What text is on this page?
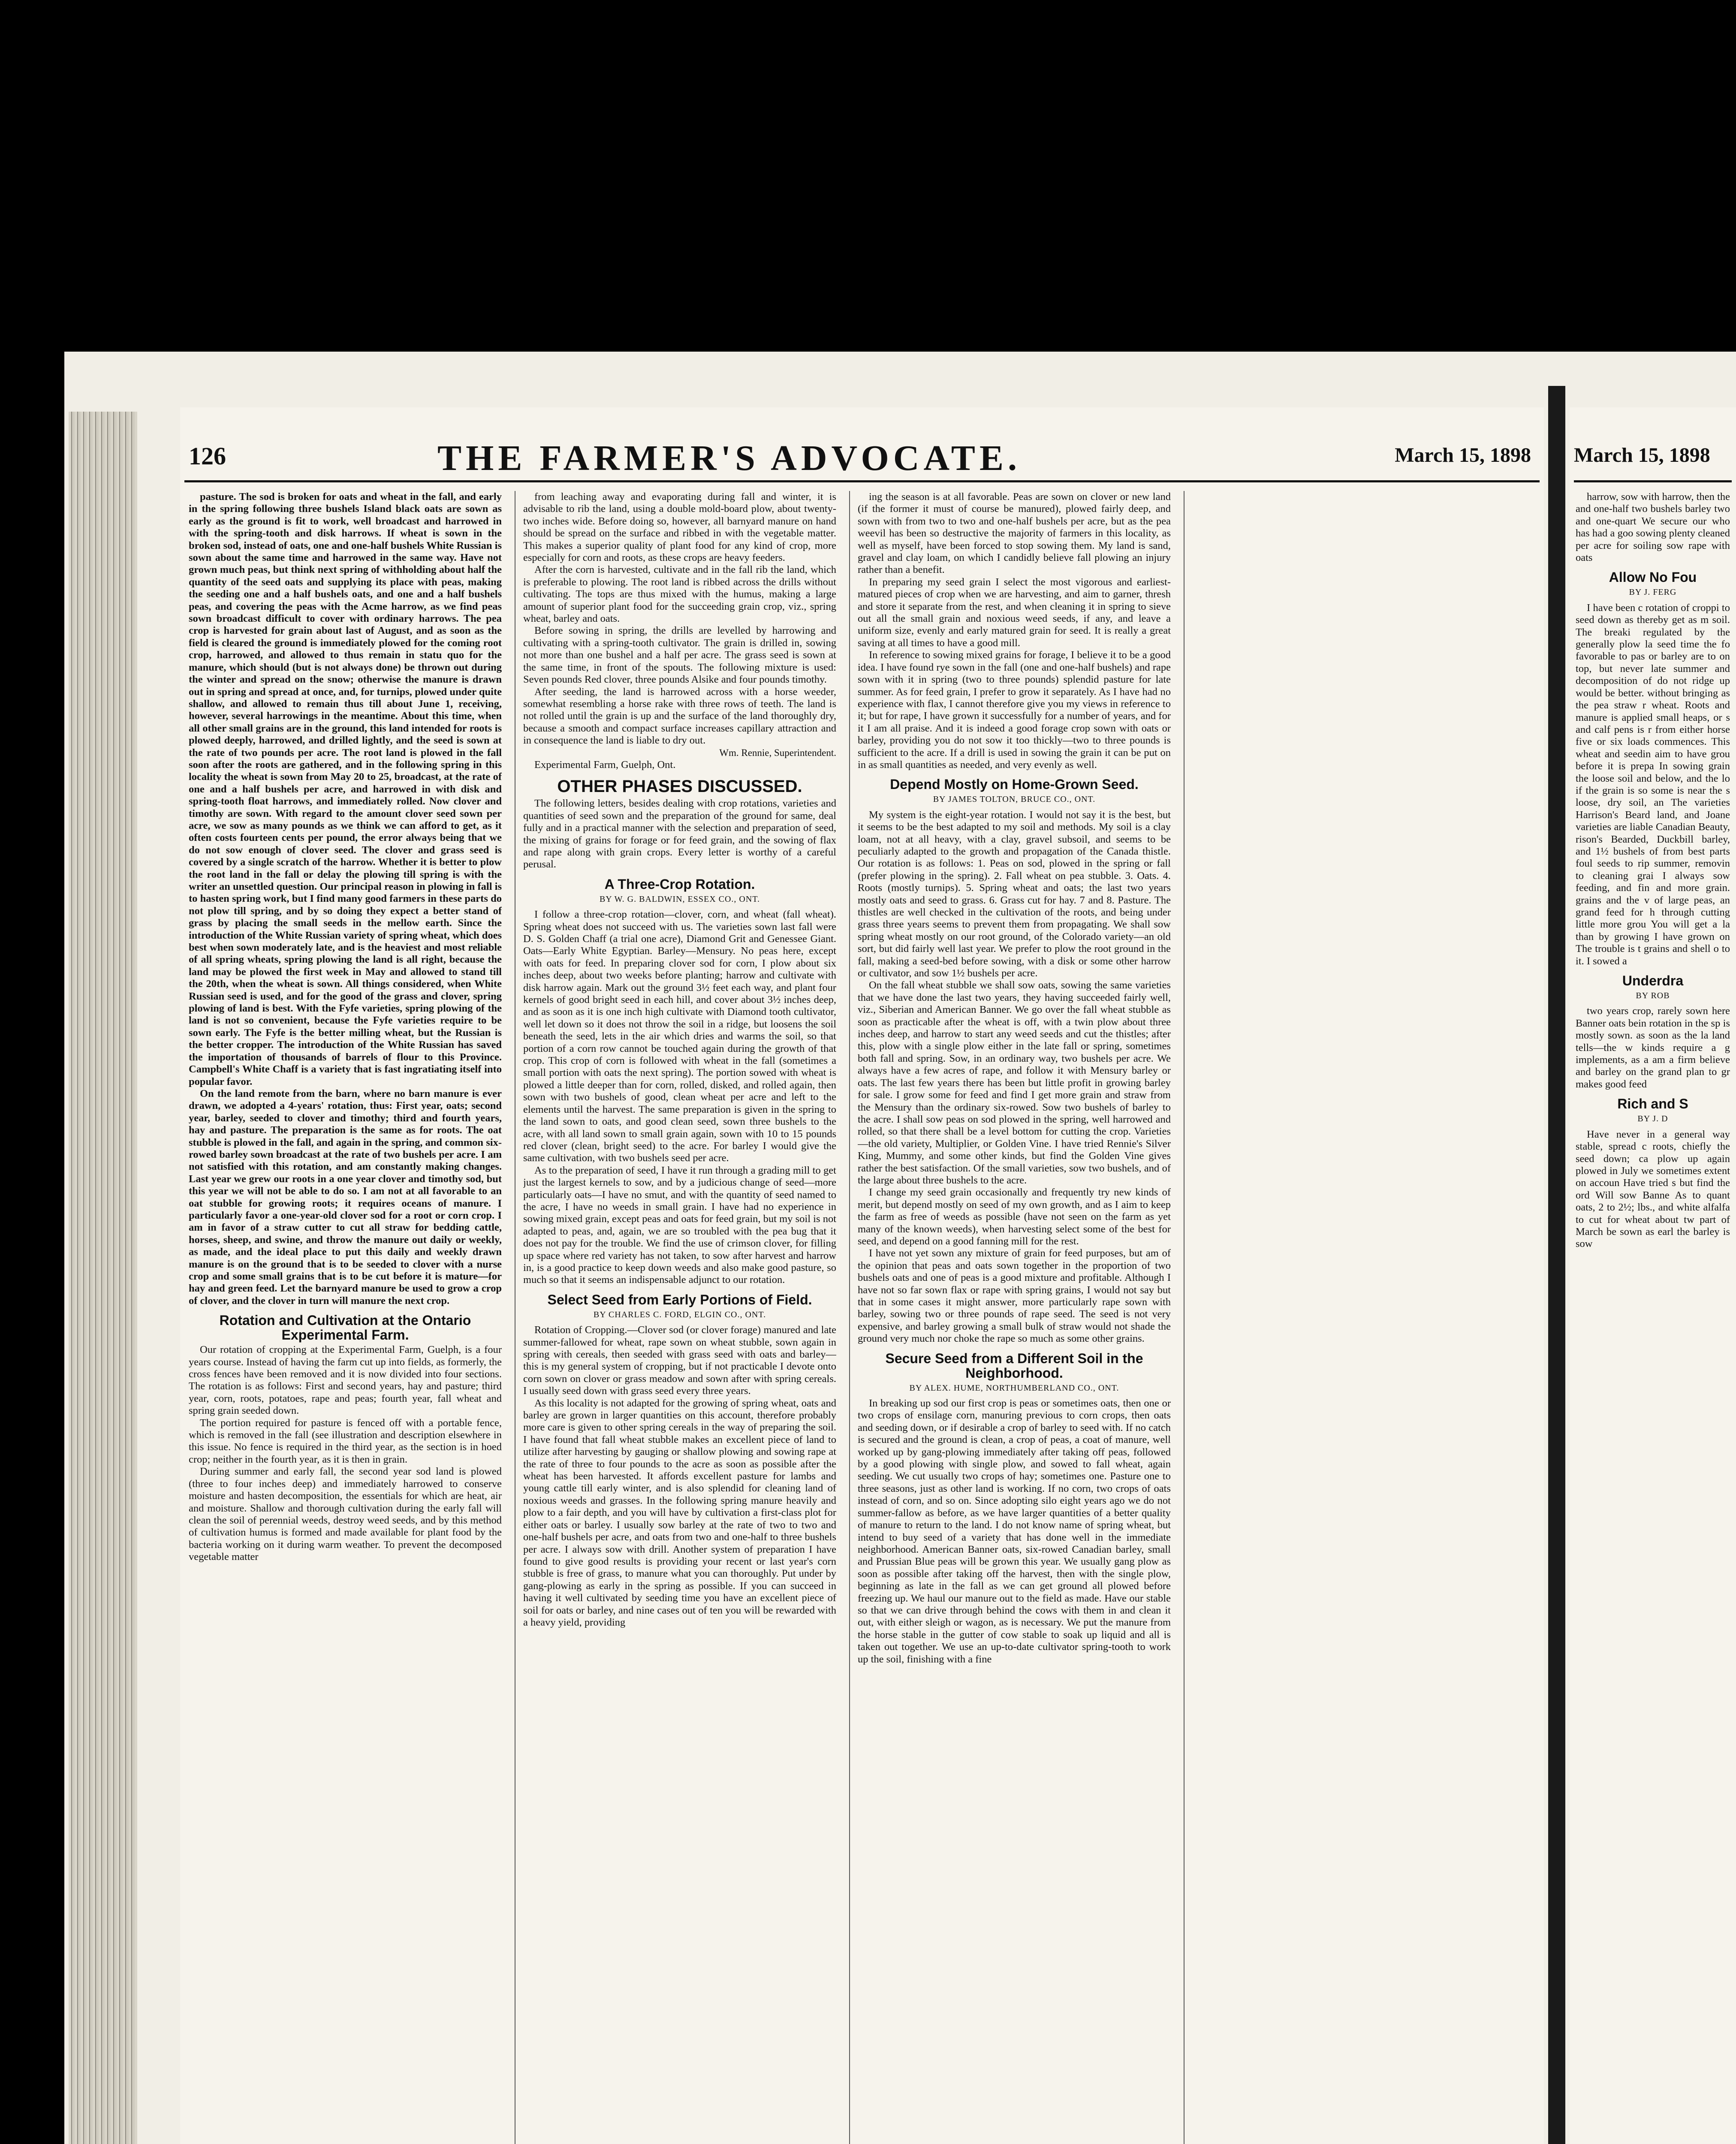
126	THE FARMER'S ADVOCATE.	March 15, 1898

pasture. The sod is broken for oats and wheat in the fall, and early in the spring following three bushels Island black oats are sown as early as the ground is fit to work, well broadcast and harrowed in with the spring-tooth and disk harrows. If wheat is sown in the broken sod, instead of oats, one and one-half bushels White Russian is sown about the same time and harrowed in the same way. Have not grown much peas, but think next spring of withholding about half the quantity of the seed oats and supplying its place with peas, making the seeding one and a half bushels oats, and one and a half bushels peas, and covering the peas with the Acme harrow, as we find peas sown broadcast difficult to cover with ordinary harrows. The pea crop is harvested for grain about last of August, and as soon as the field is cleared the ground is immediately plowed for the coming root crop, harrowed, and allowed to thus remain in statu quo for the manure, which should (but is not always done) be thrown out during the winter and spread on the snow; otherwise the manure is drawn out in spring and spread at once, and, for turnips, plowed under quite shallow, and allowed to remain thus till about June 1, receiving, however, several harrowings in the meantime. About this time, when all other small grains are in the ground, this land intended for roots is plowed deeply, harrowed, and drilled lightly, and the seed is sown at the rate of two pounds per acre. The root land is plowed in the fall soon after the roots are gathered, and in the following spring in this locality the wheat is sown from May 20 to 25, broadcast, at the rate of one and a half bushels per acre, and harrowed in with disk and spring-tooth float harrows, and immediately rolled. Now clover and timothy are sown. With regard to the amount clover seed sown per acre, we sow as many pounds as we think we can afford to get, as it often costs fourteen cents per pound, the error always being that we do not sow enough of clover seed. The clover and grass seed is covered by a single scratch of the harrow. Whether it is better to plow the root land in the fall or delay the plowing till spring is with the writer an unsettled question. Our principal reason in plowing in fall is to hasten spring work, but I find many good farmers in these parts do not plow till spring, and by so doing they expect a better stand of grass by placing the small seeds in the mellow earth. Since the introduction of the White Russian variety of spring wheat, which does best when sown moderately late, and is the heaviest and most reliable of all spring wheats, spring plowing the land is all right, because the land may be plowed the first week in May and allowed to stand till the 20th, when the wheat is sown. All things considered, when White Russian seed is used, and for the good of the grass and clover, spring plowing of land is best. With the Fyfe varieties, spring plowing of the land is not so convenient, because the Fyfe varieties require to be sown early. The Fyfe is the better milling wheat, but the Russian is the better cropper. The introduction of the White Russian has saved the importation of thousands of barrels of flour to this Province. Campbell's White Chaff is a variety that is fast ingratiating itself into popular favor.

On the land remote from the barn, where no barn manure is ever drawn, we adopted a 4-years' rotation, thus: First year, oats; second year, barley, seeded to clover and timothy; third and fourth years, hay and pasture. The preparation is the same as for roots. The oat stubble is plowed in the fall, and again in the spring, and common six-rowed barley sown broadcast at the rate of two bushels per acre. I am not satisfied with this rotation, and am constantly making changes. Last year we grew our roots in a one year clover and timothy sod, but this year we will not be able to do so. I am not at all favorable to an oat stubble for growing roots; it requires oceans of manure. I particularly favor a one-year-old clover sod for a root or corn crop. I am in favor of a straw cutter to cut all straw for bedding cattle, horses, sheep, and swine, and throw the manure out daily or weekly, as made, and the ideal place to put this daily and weekly drawn manure is on the ground that is to be seeded to clover with a nurse crop and some small grains that is to be cut before it is mature—for hay and green feed. Let the barnyard manure be used to grow a crop of clover, and the clover in turn will manure the next crop.

Rotation and Cultivation at the Ontario Experimental Farm.

Our rotation of cropping at the Experimental Farm, Guelph, is a four years course. Instead of having the farm cut up into fields, as formerly, the cross fences have been removed and it is now divided into four sections. The rotation is as follows: First and second years, hay and pasture; third year, corn, roots, potatoes, rape and peas; fourth year, fall wheat and spring grain seeded down.

The portion required for pasture is fenced off with a portable fence, which is removed in the fall (see illustration and description elsewhere in this issue. No fence is required in the third year, as the section is in hoed crop; neither in the fourth year, as it is then in grain.

During summer and early fall, the second year sod land is plowed (three to four inches deep) and immediately harrowed to conserve moisture and hasten decomposition, the essentials for which are heat, air and moisture. Shallow and thorough cultivation during the early fall will clean the soil of perennial weeds, destroy weed seeds, and by this method of cultivation humus is formed and made available for plant food by the bacteria working on it during warm weather. To prevent the decomposed vegetable matter

from leaching away and evaporating during fall and winter, it is advisable to rib the land, using a double mold-board plow, about twenty-two inches wide. Before doing so, however, all barnyard manure on hand should be spread on the surface and ribbed in with the vegetable matter. This makes a superior quality of plant food for any kind of crop, more especially for corn and roots, as these crops are heavy feeders.

After the corn is harvested, cultivate and in the fall rib the land, which is preferable to plowing. The root land is ribbed across the drills without cultivating. The tops are thus mixed with the humus, making a large amount of superior plant food for the succeeding grain crop, viz., spring wheat, barley and oats.

Before sowing in spring, the drills are levelled by harrowing and cultivating with a spring-tooth cultivator. The grain is drilled in, sowing not more than one bushel and a half per acre. The grass seed is sown at the same time, in front of the spouts. The following mixture is used: Seven pounds Red clover, three pounds Alsike and four pounds timothy.

After seeding, the land is harrowed across with a horse weeder, somewhat resembling a horse rake with three rows of teeth. The land is not rolled until the grain is up and the surface of the land thoroughly dry, because a smooth and compact surface increases capillary attraction and in consequence the land is liable to dry out.

Wm. Rennie, Superintendent.

Experimental Farm, Guelph, Ont.

OTHER PHASES DISCUSSED.

The following letters, besides dealing with crop rotations, varieties and quantities of seed sown and the preparation of the ground for same, deal fully and in a practical manner with the selection and preparation of seed, the mixing of grains for forage or for feed grain, and the sowing of flax and rape along with grain crops. Every letter is worthy of a careful perusal.

A Three-Crop Rotation.

BY W. G. BALDWIN, ESSEX CO., ONT.

I follow a three-crop rotation—clover, corn, and wheat (fall wheat). Spring wheat does not succeed with us. The varieties sown last fall were D. S. Golden Chaff (a trial one acre), Diamond Grit and Genessee Giant. Oats—Early White Egyptian. Barley—Mensury. No peas here, except with oats for feed. In preparing clover sod for corn, I plow about six inches deep, about two weeks before planting; harrow and cultivate with disk harrow again. Mark out the ground 3½ feet each way, and plant four kernels of good bright seed in each hill, and cover about 3½ inches deep, and as soon as it is one inch high cultivate with Diamond tooth cultivator, well let down so it does not throw the soil in a ridge, but loosens the soil beneath the seed, lets in the air which dries and warms the soil, so that portion of a corn row cannot be touched again during the growth of that crop. This crop of corn is followed with wheat in the fall (sometimes a small portion with oats the next spring). The portion sowed with wheat is plowed a little deeper than for corn, rolled, disked, and rolled again, then sown with two bushels of good, clean wheat per acre and left to the elements until the harvest. The same preparation is given in the spring to the land sown to oats, and good clean seed, sown three bushels to the acre, with all land sown to small grain again, sown with 10 to 15 pounds red clover (clean, bright seed) to the acre. For barley I would give the same cultivation, with two bushels seed per acre.

As to the preparation of seed, I have it run through a grading mill to get just the largest kernels to sow, and by a judicious change of seed—more particularly oats—I have no smut, and with the quantity of seed named to the acre, I have no weeds in small grain. I have had no experience in sowing mixed grain, except peas and oats for feed grain, but my soil is not adapted to peas, and, again, we are so troubled with the pea bug that it does not pay for the trouble. We find the use of crimson clover, for filling up space where red variety has not taken, to sow after harvest and harrow in, is a good practice to keep down weeds and also make good pasture, so much so that it seems an indispensable adjunct to our rotation.

Select Seed from Early Portions of Field.

BY CHARLES C. FORD, ELGIN CO., ONT.

Rotation of Cropping.—Clover sod (or clover forage) manured and late summer-fallowed for wheat, rape sown on wheat stubble, sown again in spring with cereals, then seeded with grass seed with oats and barley—this is my general system of cropping, but if not practicable I devote onto corn sown on clover or grass meadow and sown after with spring cereals. I usually seed down with grass seed every three years.

As this locality is not adapted for the growing of spring wheat, oats and barley are grown in larger quantities on this account, therefore probably more care is given to other spring cereals in the way of preparing the soil. I have found that fall wheat stubble makes an excellent piece of land to utilize after harvesting by gauging or shallow plowing and sowing rape at the rate of three to four pounds to the acre as soon as possible after the wheat has been harvested. It affords excellent pasture for lambs and young cattle till early winter, and is also splendid for cleaning land of noxious weeds and grasses. In the following spring manure heavily and plow to a fair depth, and you will have by cultivation a first-class plot for either oats or barley. I usually sow barley at the rate of two to two and one-half bushels per acre, and oats from two and one-half to three bushels per acre. I always sow with drill. Another system of preparation I have found to give good results is providing your recent or last year's corn stubble is free of grass, to manure what you can thoroughly. Put under by gang-plowing as early in the spring as possible. If you can succeed in having it well cultivated by seeding time you have an excellent piece of soil for oats or barley, and nine cases out of ten you will be rewarded with a heavy yield, providing

ing the season is at all favorable. Peas are sown on clover or new land (if the former it must of course be manured), plowed fairly deep, and sown with from two to two and one-half bushels per acre, but as the pea weevil has been so destructive the majority of farmers in this locality, as well as myself, have been forced to stop sowing them. My land is sand, gravel and clay loam, on which I candidly believe fall plowing an injury rather than a benefit.

In preparing my seed grain I select the most vigorous and earliest-matured pieces of crop when we are harvesting, and aim to garner, thresh and store it separate from the rest, and when cleaning it in spring to sieve out all the small grain and noxious weed seeds, if any, and leave a uniform size, evenly and early matured grain for seed. It is really a great saving at all times to have a good mill.

In reference to sowing mixed grains for forage, I believe it to be a good idea. I have found rye sown in the fall (one and one-half bushels) and rape sown with it in spring (two to three pounds) splendid pasture for late summer. As for feed grain, I prefer to grow it separately. As I have had no experience with flax, I cannot therefore give you my views in reference to it; but for rape, I have grown it successfully for a number of years, and for it I am all praise. And it is indeed a good forage crop sown with oats or barley, providing you do not sow it too thickly—two to three pounds is sufficient to the acre. If a drill is used in sowing the grain it can be put on in as small quantities as needed, and very evenly as well.

Depend Mostly on Home-Grown Seed.

BY JAMES TOLTON, BRUCE CO., ONT.

My system is the eight-year rotation. I would not say it is the best, but it seems to be the best adapted to my soil and methods. My soil is a clay loam, not at all heavy, with a clay, gravel subsoil, and seems to be peculiarly adapted to the growth and propagation of the Canada thistle. Our rotation is as follows: 1. Peas on sod, plowed in the spring or fall (prefer plowing in the spring). 2. Fall wheat on pea stubble. 3. Oats. 4. Roots (mostly turnips). 5. Spring wheat and oats; the last two years mostly oats and seed to grass. 6. Grass cut for hay. 7 and 8. Pasture. The thistles are well checked in the cultivation of the roots, and being under grass three years seems to prevent them from propagating. We shall sow spring wheat mostly on our root ground, of the Colorado variety—an old sort, but did fairly well last year. We prefer to plow the root ground in the fall, making a seed-bed before sowing, with a disk or some other harrow or cultivator, and sow 1½ bushels per acre.

On the fall wheat stubble we shall sow oats, sowing the same varieties that we have done the last two years, they having succeeded fairly well, viz., Siberian and American Banner. We go over the fall wheat stubble as soon as practicable after the wheat is off, with a twin plow about three inches deep, and harrow to start any weed seeds and cut the thistles; after this, plow with a single plow either in the late fall or spring, sometimes both fall and spring. Sow, in an ordinary way, two bushels per acre. We always have a few acres of rape, and follow it with Mensury barley or oats. The last few years there has been but little profit in growing barley for sale. I grow some for feed and find I get more grain and straw from the Mensury than the ordinary six-rowed. Sow two bushels of barley to the acre. I shall sow peas on sod plowed in the spring, well harrowed and rolled, so that there shall be a level bottom for cutting the crop. Varieties—the old variety, Multiplier, or Golden Vine. I have tried Rennie's Silver King, Mummy, and some other kinds, but find the Golden Vine gives rather the best satisfaction. Of the small varieties, sow two bushels, and of the large about three bushels to the acre.

I change my seed grain occasionally and frequently try new kinds of merit, but depend mostly on seed of my own growth, and as I aim to keep the farm as free of weeds as possible (have not seen on the farm as yet many of the known weeds), when harvesting select some of the best for seed, and depend on a good fanning mill for the rest.

I have not yet sown any mixture of grain for feed purposes, but am of the opinion that peas and oats sown together in the proportion of two bushels oats and one of peas is a good mixture and profitable. Although I have not so far sown flax or rape with spring grains, I would not say but that in some cases it might answer, more particularly rape sown with barley, sowing two or three pounds of rape seed. The seed is not very expensive, and barley growing a small bulk of straw would not shade the ground very much nor choke the rape so much as some other grains.

Secure Seed from a Different Soil in the Neighborhood.

BY ALEX. HUME, NORTHUMBERLAND CO., ONT.

In breaking up sod our first crop is peas or sometimes oats, then one or two crops of ensilage corn, manuring previous to corn crops, then oats and seeding down, or if desirable a crop of barley to seed with. If no catch is secured and the ground is clean, a crop of peas, a coat of manure, well worked up by gang-plowing immediately after taking off peas, followed by a good plowing with single plow, and sowed to fall wheat, again seeding. We cut usually two crops of hay; sometimes one. Pasture one to three seasons, just as other land is working. If no corn, two crops of oats instead of corn, and so on. Since adopting silo eight years ago we do not summer-fallow as before, as we have larger quantities of a better quality of manure to return to the land. I do not know name of spring wheat, but intend to buy seed of a variety that has done well in the immediate neighborhood. American Banner oats, six-rowed Canadian barley, small and Prussian Blue peas will be grown this year. We usually gang plow as soon as possible after taking off the harvest, then with the single plow, beginning as late in the fall as we can get ground all plowed before freezing up. We haul our manure out to the field as made. Have our stable so that we can drive through behind the cows with them in and clean it out, with either sleigh or wagon, as is necessary. We put the manure from the horse stable in the gutter of cow stable to soak up liquid and all is taken out together. We use an up-to-date cultivator spring-tooth to work up the soil, finishing with a fine

March 15, 1898

harrow, sow with harrow, then the and one-half two bushels barley two and one-quart We secure our who has had a goo sowing plenty cleaned per acre for soiling sow rape with oats

Allow No Fou

BY J. FERG

I have been c rotation of croppi to seed down as thereby get as m soil. The breaki regulated by the generally plow la seed time the fo favorable to pas or barley are to on top, but never late summer and decomposition of do not ridge up would be better. without bringing as the pea straw r wheat. Roots and manure is applied small heaps, or s and calf pens is r from either horse five or six loads commences. This wheat and seedin aim to have grou before it is prepa In sowing grain the loose soil and below, and the lo if the grain is so some is near the s loose, dry soil, an The varieties Harrison's Beard land, and Joane varieties are liable Canadian Beauty, rison's Bearded, Duckbill barley, and 1½ bushels of from best parts foul seeds to rip summer, removin to cleaning grai I always sow feeding, and fin and more grain. grains and the v of large peas, an grand feed for h through cutting little more grou You will get a la than by growing I have grown on The trouble is t grains and shell o to it. I sowed a

Underdra

BY ROB

two years crop, rarely sown here Banner oats bein rotation in the sp is mostly sown. as soon as the la land tells—the w kinds require a g implements, as a am a firm believe and barley on the grand plan to gr makes good feed

Rich and S

BY J. D

Have never in a general way stable, spread c roots, chiefly the seed down; ca plow up again plowed in July we sometimes extent on accoun Have tried s but find the ord Will sow Banne As to quant oats, 2 to 2½; lbs., and white alfalfa to cut for wheat about tw part of March be sown as earl the barley is sow
